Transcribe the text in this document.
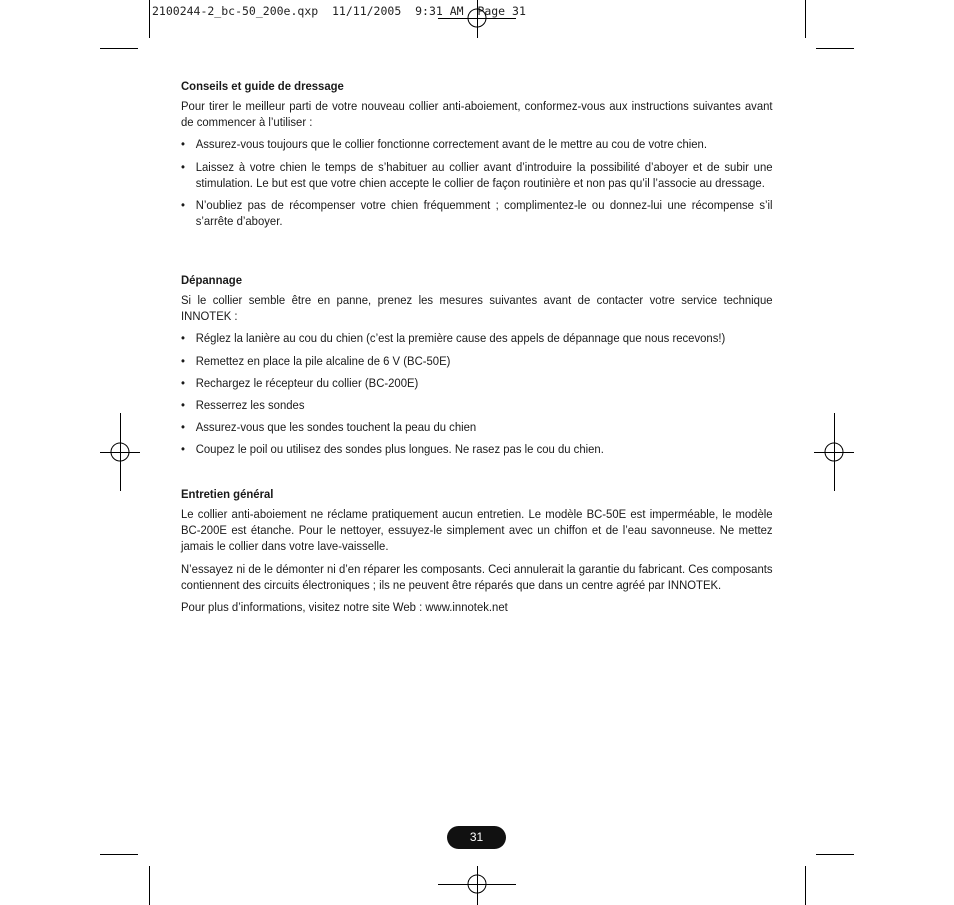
2100244-2_bc-50_200e.qxp  11/11/2005  9:31 AM  Page 31
Conseils et guide de dressage

Pour tirer le meilleur parti de votre nouveau collier anti-aboiement, conformez-vous aux instructions suivantes avant de commencer à l’utiliser :

• Assurez-vous toujours que le collier fonctionne correctement avant de le mettre au cou de votre chien.
• Laissez à votre chien le temps de s’habituer au collier avant d’introduire la possibilité d’aboyer et de subir une stimulation. Le but est que votre chien accepte le collier de façon routinière et non pas qu’il l’associe au dressage.
• N’oubliez pas de récompenser votre chien fréquemment ; complimentez-le ou donnez-lui une récompense s’il s’arrête d’aboyer.
Dépannage

Si le collier semble être en panne, prenez les mesures suivantes avant de contacter votre service technique INNOTEK :

• Réglez la lanière au cou du chien (c’est la première cause des appels de dépannage que nous recevons!)
• Remettez en place la pile alcaline de 6 V (BC-50E)
• Rechargez le récepteur du collier (BC-200E)
• Resserrez les sondes
• Assurez-vous que les sondes touchent la peau du chien
• Coupez le poil ou utilisez des sondes plus longues. Ne rasez pas le cou du chien.
Entretien général

Le collier anti-aboiement ne réclame pratiquement aucun entretien. Le modèle BC-50E est imperméable, le modèle BC-200E est étanche. Pour le nettoyer, essuyez-le simplement avec un chiffon et de l’eau savonneuse. Ne mettez jamais le collier dans votre lave-vaisselle.

N’essayez ni de le démonter ni d’en réparer les composants. Ceci annulerait la garantie du fabricant. Ces composants contiennent des circuits électroniques ; ils ne peuvent être réparés que dans un centre agréé par INNOTEK.

Pour plus d’informations, visitez notre site Web : www.innotek.net

31
